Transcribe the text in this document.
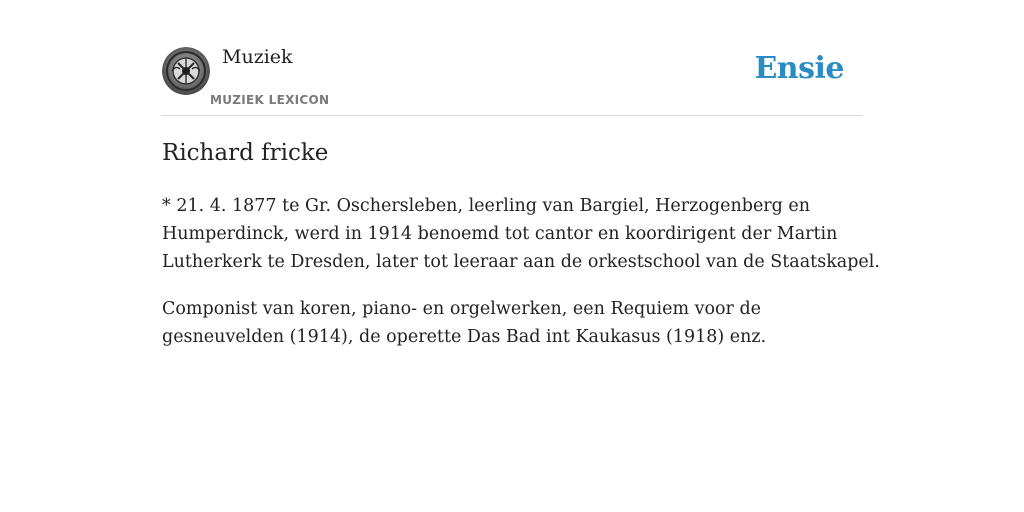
Muziek
MUZIEK LEXICON
Ensie
Richard fricke

* 21. 4. 1877 te Gr. Oschersleben, leerling van Bargiel, Herzogenberg en
Humperdinck, werd in 1914 benoemd tot cantor en koordirigent der Martin
Lutherkerk te Dresden, later tot leeraar aan de orkestschool van de Staatskapel.

Componist van koren, piano- en orgelwerken, een Requiem voor de
gesneuvelden (1914), de operette Das Bad int Kaukasus (1918) enz.
